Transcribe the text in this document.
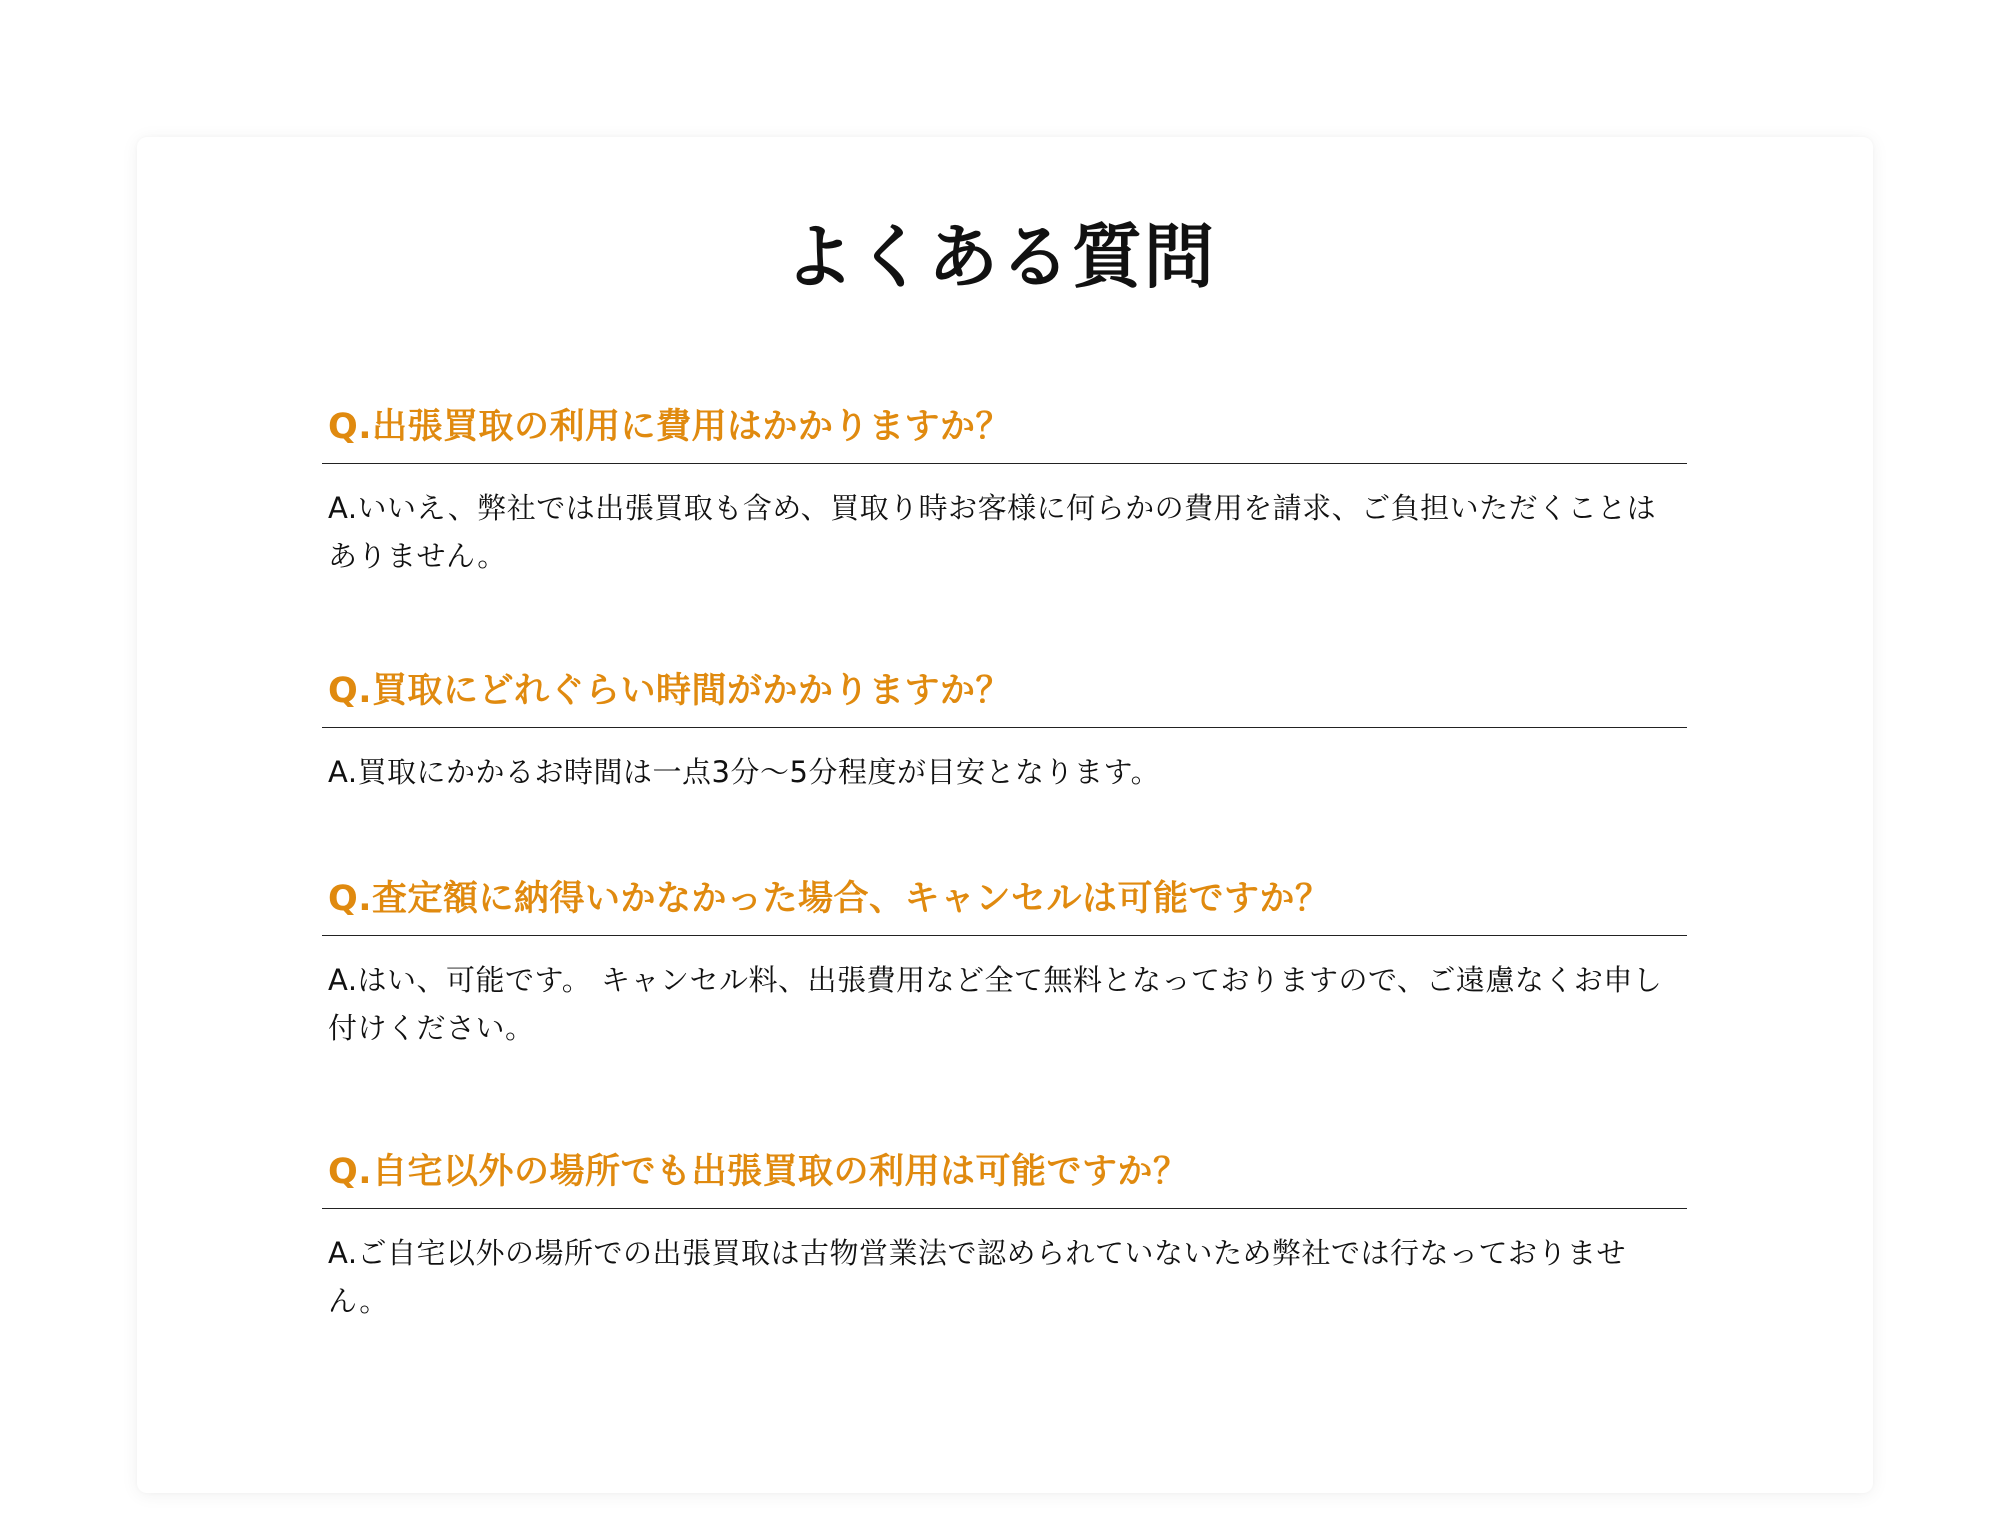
よくある質問
Q.出張買取の利用に費用はかかりますか？

A.いいえ、弊社では出張買取も含め、買取り時お客様に何らかの費用を請求、ご負担いただくことはありません。

Q.買取にどれぐらい時間がかかりますか？

A.買取にかかるお時間は一点3分〜5分程度が目安となります。

Q.査定額に納得いかなかった場合、キャンセルは可能ですか？

A.はい、可能です。 キャンセル料、出張費用など全て無料となっておりますので、ご遠慮なくお申し付けください。

Q.自宅以外の場所でも出張買取の利用は可能ですか？

A.ご自宅以外の場所での出張買取は古物営業法で認められていないため弊社では行なっておりません。
